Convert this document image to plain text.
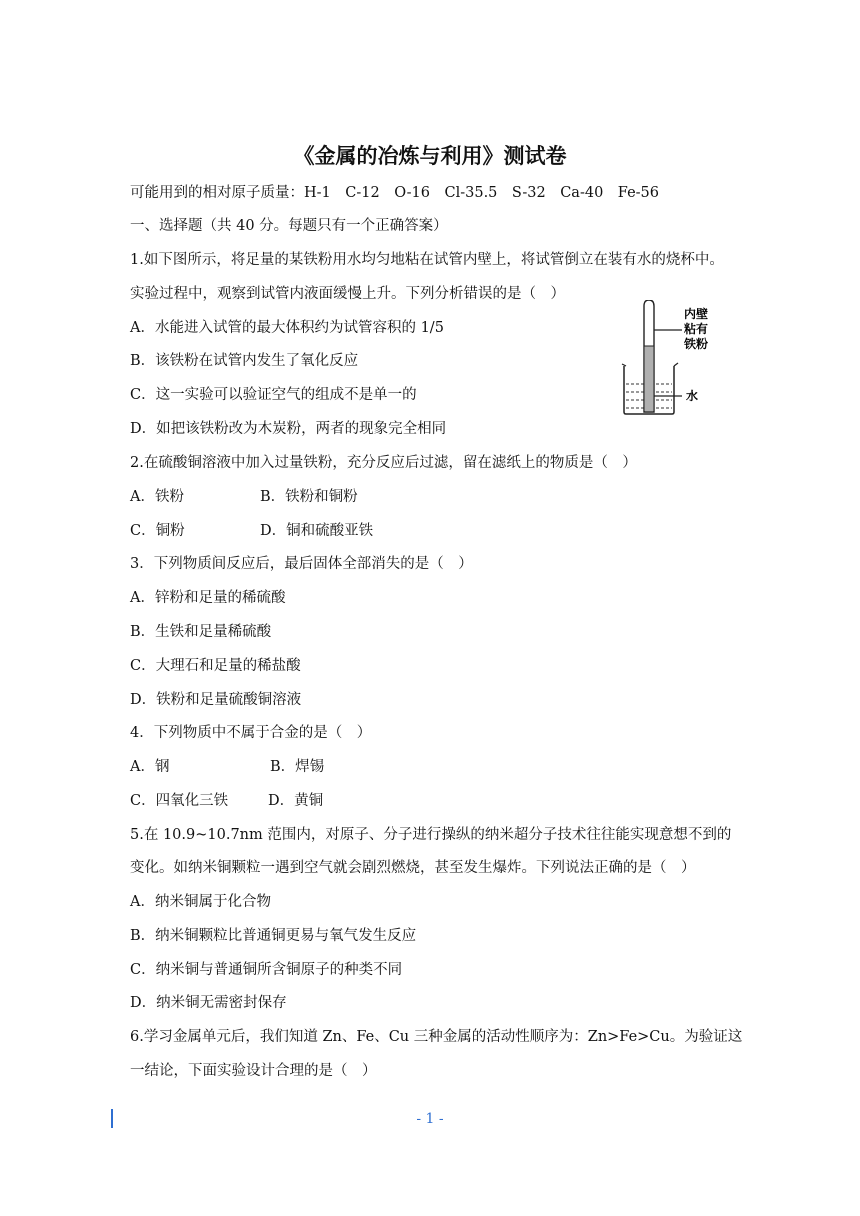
《金属的冶炼与利用》测试卷
可能用到的相对原子质量：H-1　C-12　O-16　Cl-35.5　S-32　Ca-40　Fe-56
一、选择题（共 40 分。每题只有一个正确答案）
1.如下图所示，将足量的某铁粉用水均匀地粘在试管内壁上，将试管倒立在装有水的烧杯中。
实验过程中，观察到试管内液面缓慢上升。下列分析错误的是（　）
A．水能进入试管的最大体积约为试管容积的 1/5
B．该铁粉在试管内发生了氧化反应
C．这一实验可以验证空气的组成不是单一的
D．如把该铁粉改为木炭粉，两者的现象完全相同
内壁
粘有
铁粉
水
2.在硫酸铜溶液中加入过量铁粉，充分反应后过滤，留在滤纸上的物质是（　）
A．铁粉	B．铁粉和铜粉
C．铜粉	D．铜和硫酸亚铁
3．下列物质间反应后，最后固体全部消失的是（　）
A．锌粉和足量的稀硫酸
B．生铁和足量稀硫酸
C．大理石和足量的稀盐酸
D．铁粉和足量硫酸铜溶液
4．下列物质中不属于合金的是（　）
A．钢	B．焊锡
C．四氧化三铁	D．黄铜
5.在 10.9~10.7nm 范围内，对原子、分子进行操纵的纳米超分子技术往往能实现意想不到的
变化。如纳米铜颗粒一遇到空气就会剧烈燃烧，甚至发生爆炸。下列说法正确的是（　）
A．纳米铜属于化合物
B．纳米铜颗粒比普通铜更易与氧气发生反应
C．纳米铜与普通铜所含铜原子的种类不同
D．纳米铜无需密封保存
6.学习金属单元后，我们知道 Zn、Fe、Cu 三种金属的活动性顺序为：Zn>Fe>Cu。为验证这
一结论，下面实验设计合理的是（　）
- 1 -
